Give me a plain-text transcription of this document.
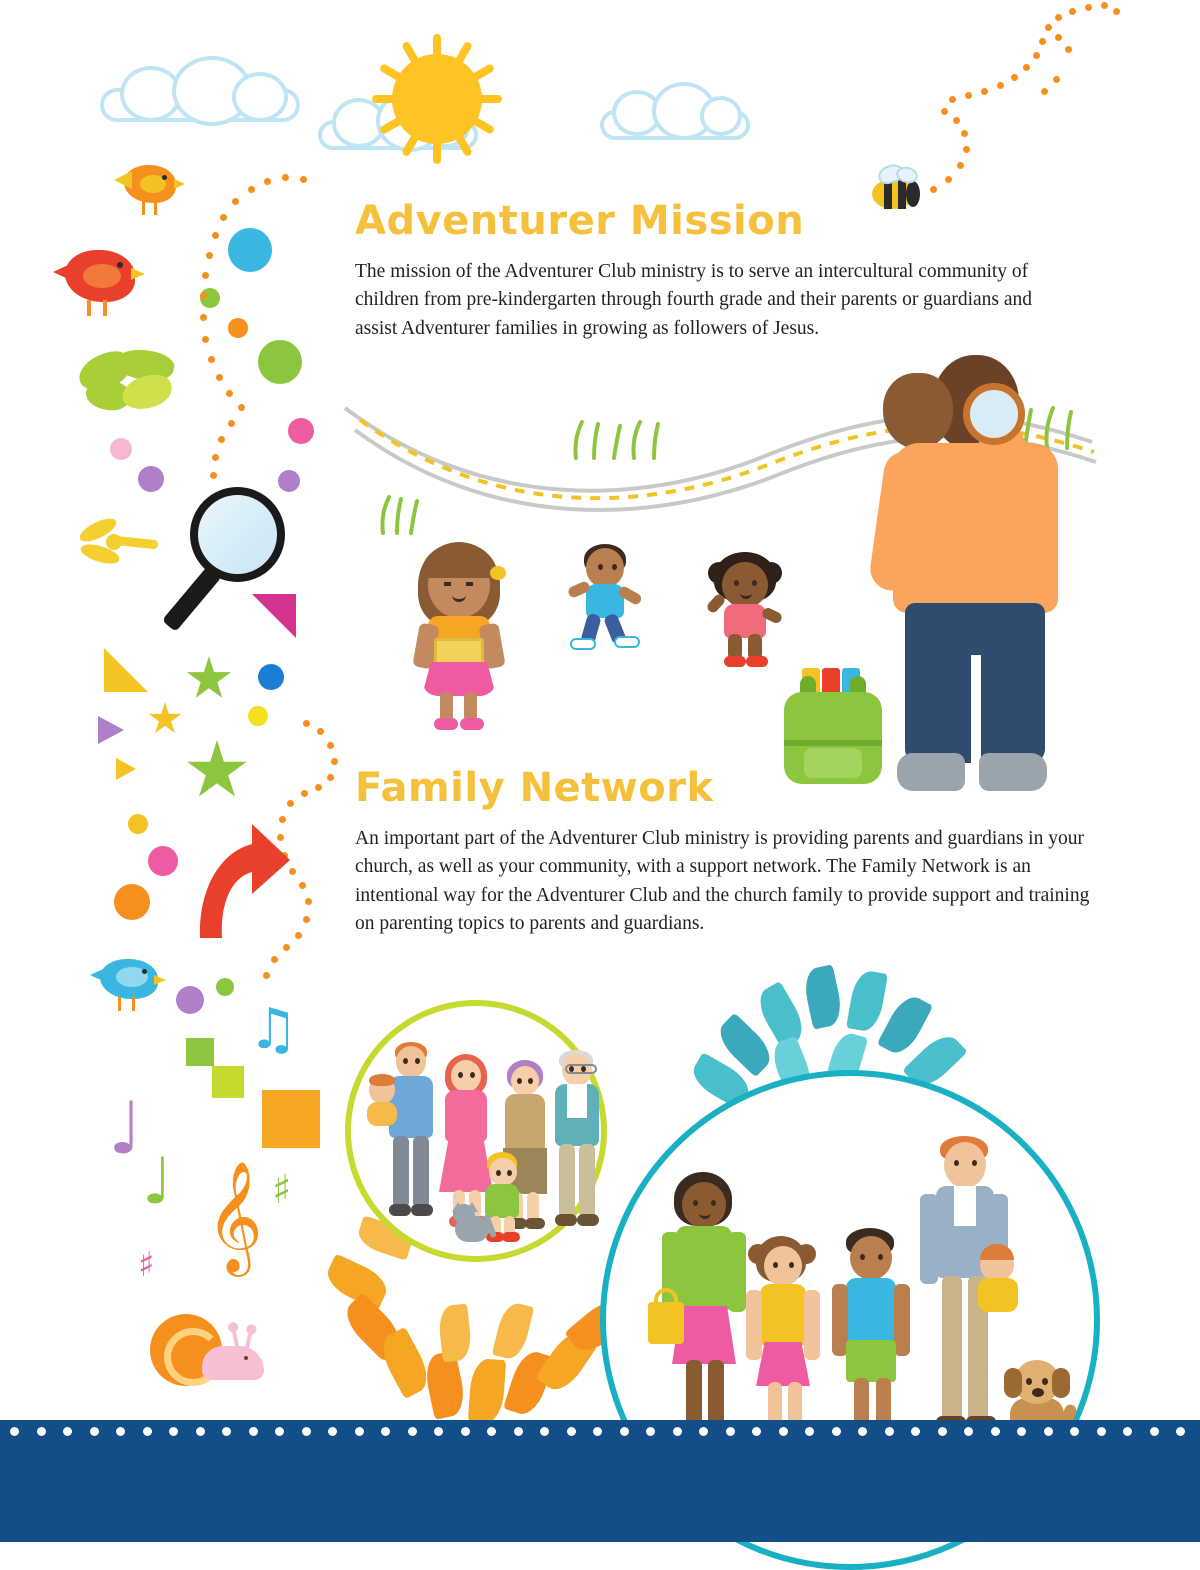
♫
♩
♩ 𝄞 ♯
♯
Adventurer Mission

The mission of the Adventurer Club ministry is to serve an intercultural community of children from pre-kindergarten through fourth grade and their parents or guardians and assist Adventurer families in growing as followers of Jesus.

Family Network

An important part of the Adventurer Club ministry is providing parents and guardians in your church, as well as your community, with a support network. The Family Network is an intentional way for the Adventurer Club and the church family to provide support and training on parenting topics to parents and guardians.
